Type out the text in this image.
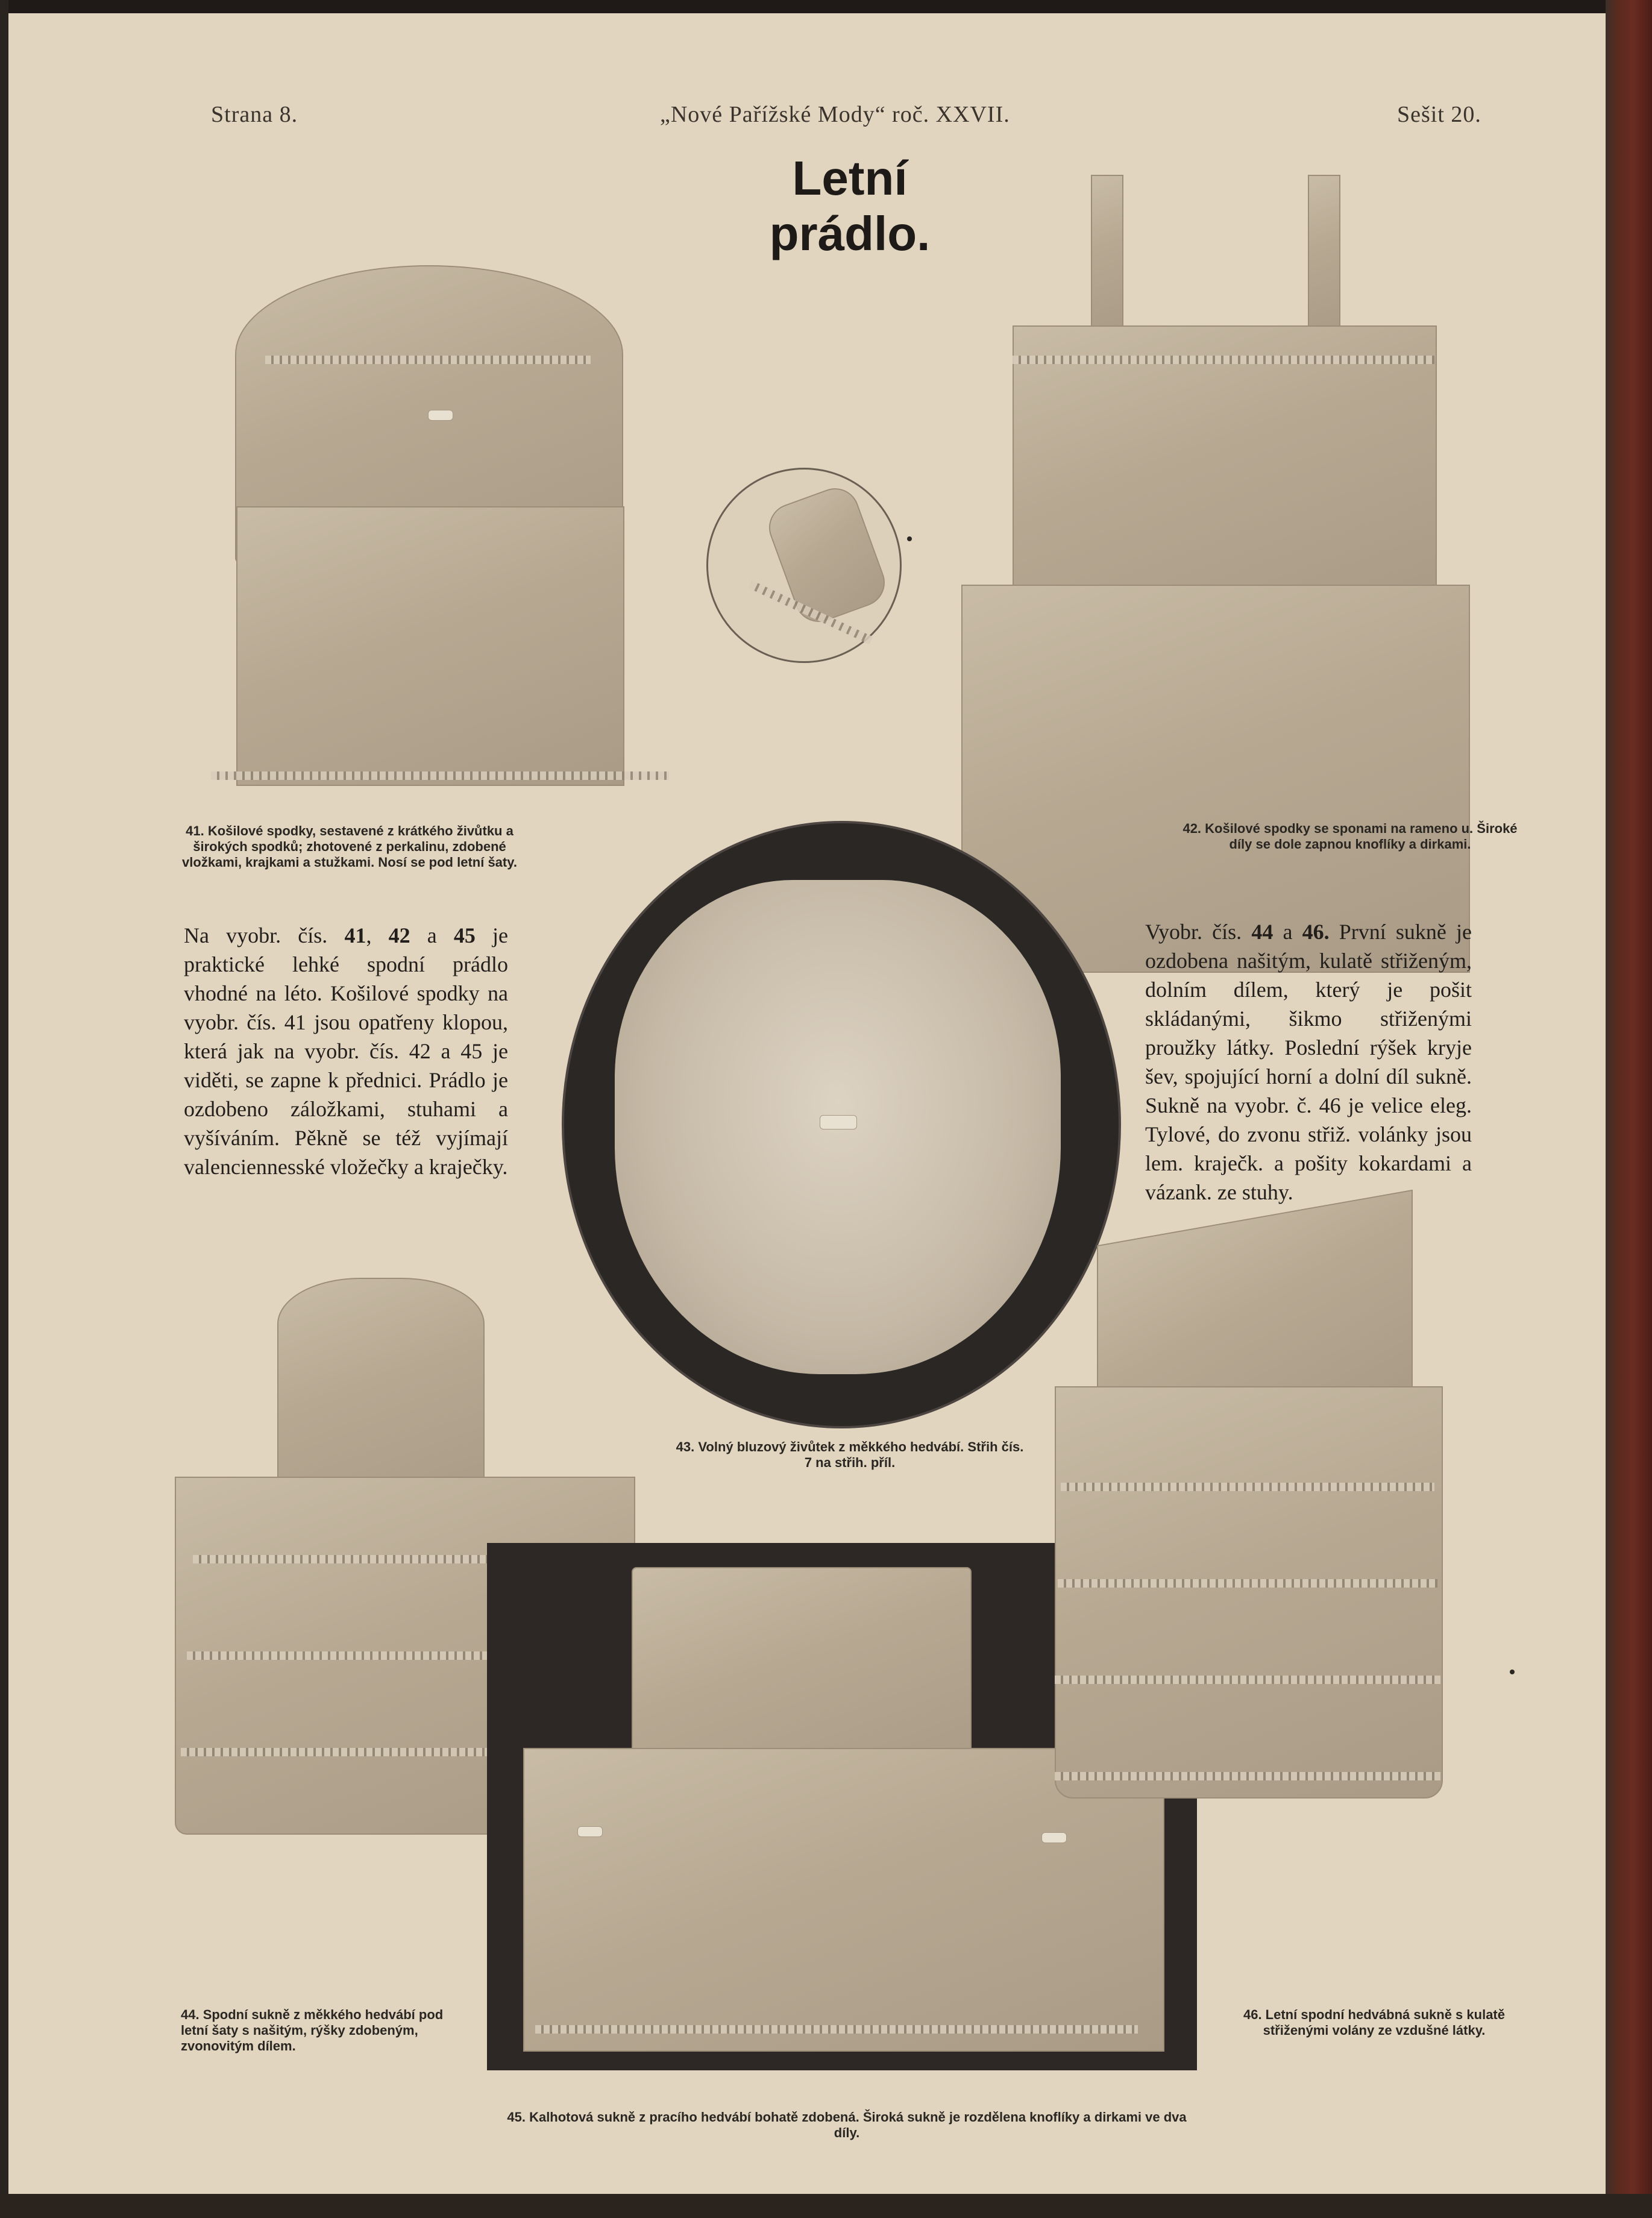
Strana 8.	„Nové Pařížské Mody“ roč. XXVII.	Sešit 20.
Letní prádlo.
41. Košilové spodky, sestavené z krátkého živůtku a širokých spodků; zhotovené z perkalinu, zdobené vložkami, krajkami a stužkami. Nosí se pod letní šaty.
42. Košilové spodky se sponami na rameno u. Široké díly se dole zapnou knoflíky a dirkami.
Na vyobr. čís. 41, 42 a 45 je praktické lehké spodní prádlo vhodné na léto. Košilové spodky na vyobr. čís. 41 jsou opatřeny klopou, která jak na vyobr. čís. 42 a 45 je viděti, se zapne k přednici. Prádlo je ozdobeno záložkami, stuhami a vyšíváním. Pěkně se též vyjímají valenciennesské vložečky a kraječky.
43. Volný bluzový živůtek z měkkého hedvábí. Střih čís. 7 na střih. příl.
Vyobr. čís. 44 a 46. První sukně je ozdobena našitým, kulatě střiženým, dolním dílem, který je pošit skládanými, šikmo střiženými proužky látky. Poslední rýšek kryje šev, spojující horní a dolní díl sukně. Sukně na vyobr. č. 46 je velice eleg. Tylové, do zvonu střiž. volánky jsou lem. kraječk. a pošity kokardami a vázank. ze stuhy.
44. Spodní sukně z měkkého hedvábí pod letní šaty s našitým, rýšky zdobeným, zvonovitým dílem.
45. Kalhotová sukně z pracího hedvábí bohatě zdobená. Široká sukně je rozdělena knoflíky a dirkami ve dva díly.
46. Letní spodní hedvábná sukně s kulatě střiženými volány ze vzdušné látky.
